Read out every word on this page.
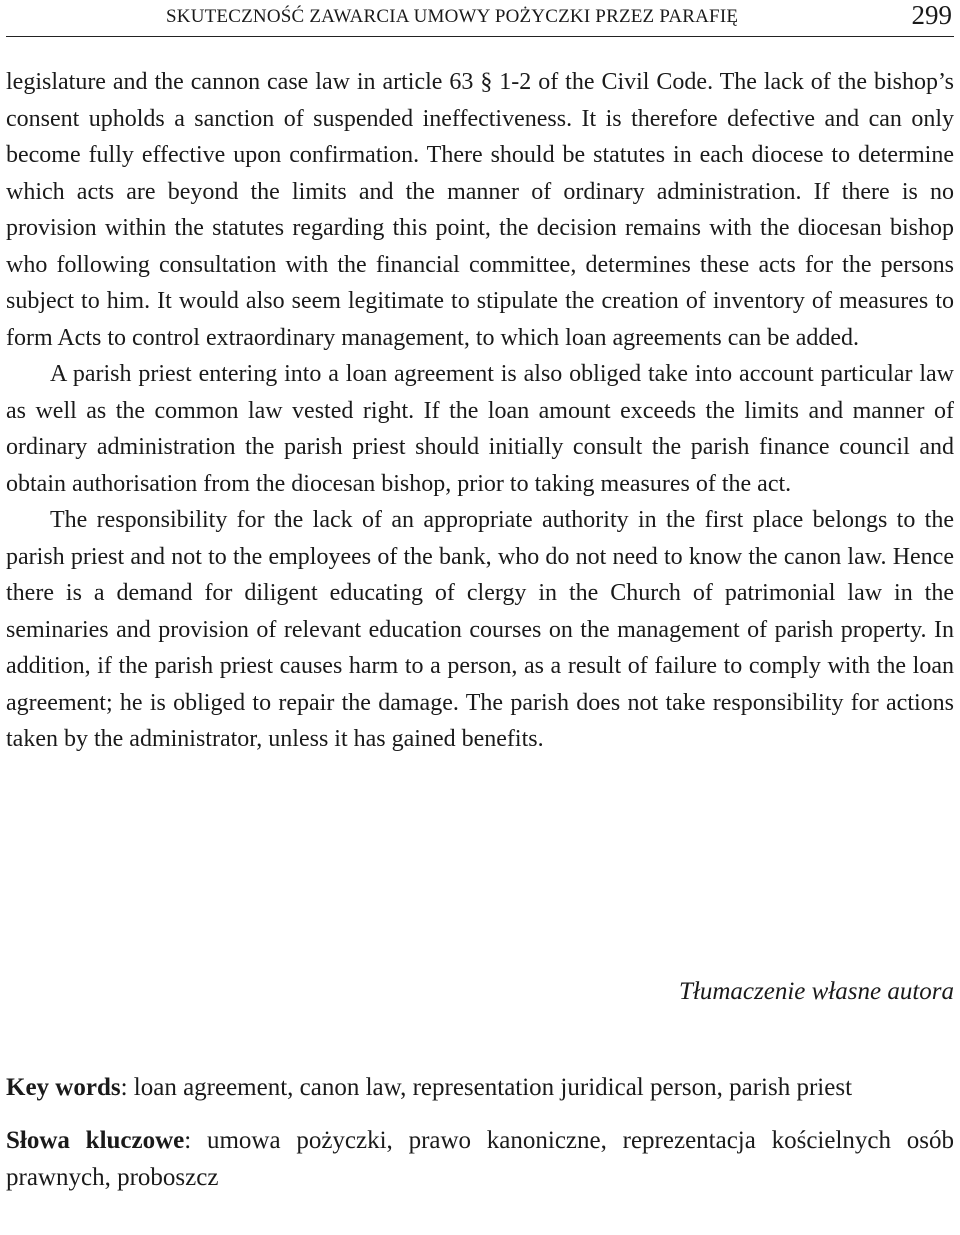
SKUTECZNOŚĆ ZAWARCIA UMOWY POŻYCZKI PRZEZ PARAFIĘ	299

legislature and the cannon case law in article 63 § 1-2 of the Civil Code. The lack of the bishop’s consent upholds a sanction of suspended ineffectiveness. It is therefore defective and can only become fully effective upon confirmation. There should be statutes in each diocese to determine which acts are beyond the limits and the manner of ordinary administration. If there is no provision within the statutes regarding this point, the decision remains with the diocesan bishop who following consultation with the financial committee, determines these acts for the persons subject to him. It would also seem legitimate to stipulate the creation of inventory of measures to form Acts to control extraordinary management, to which loan agreements can be added.

A parish priest entering into a loan agreement is also obliged take into account particular law as well as the common law vested right. If the loan amount exceeds the limits and manner of ordinary administration the parish priest should initially consult the parish finance council and obtain authorisation from the diocesan bishop, prior to taking measures of the act.

The responsibility for the lack of an appropriate authority in the first place belongs to the parish priest and not to the employees of the bank, who do not need to know the canon law. Hence there is a demand for diligent educating of clergy in the Church of patrimonial law in the seminaries and provision of relevant education courses on the management of parish property. In addition, if the parish priest causes harm to a person, as a result of failure to comply with the loan agreement; he is obliged to repair the damage. The parish does not take responsibility for actions taken by the administrator, unless it has gained benefits.

Tłumaczenie własne autora

Key words: loan agreement, canon law, representation juridical person, parish priest

Słowa kluczowe: umowa pożyczki, prawo kanoniczne, reprezentacja kościelnych osób prawnych, proboszcz
